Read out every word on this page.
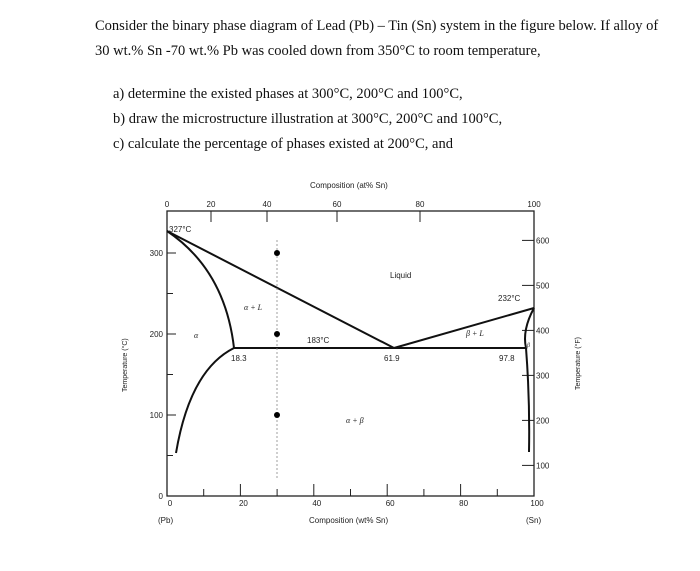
Consider the binary phase diagram of Lead (Pb) – Tin (Sn) system in the figure below. If alloy of 30 wt.% Sn -70 wt.% Pb was cooled down from 350°C to room temperature,
a) determine the existed phases at 300°C, 200°C and 100°C,
b) draw the microstructure illustration at 300°C, 200°C and 100°C,
c) calculate the percentage of phases existed at 200°C, and
Composition (at% Sn)
Composition (wt% Sn)
(Pb)	(Sn)
Temperature (°C)	Temperature (°F)
327°C
232°C
183°C
18.3	61.9	97.8
Liquid
α + L
β + L
α
β
α + β
0	20	40	60	80	100
0	20	40	60	80	100
0
100
200
300
100
200
300
400
500
600
